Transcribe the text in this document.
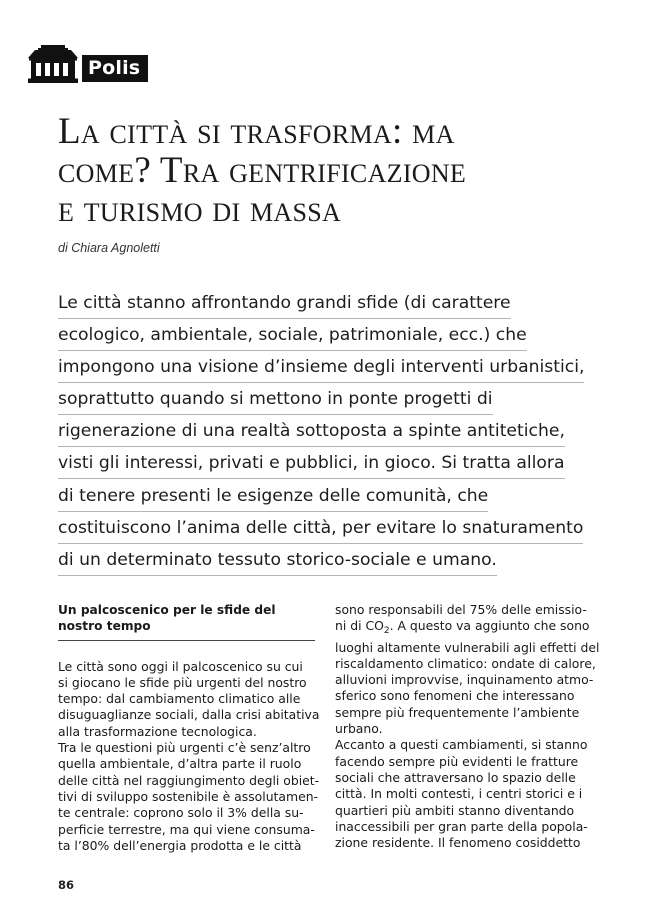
Polis
La città si trasforma: ma
come? Tra gentrificazione
e turismo di massa
di Chiara Agnoletti
Le città stanno affrontando grandi sfide (di carattere
ecologico, ambientale, sociale, patrimoniale, ecc.) che
impongono una visione d’insieme degli interventi urbanistici,
soprattutto quando si mettono in ponte progetti di
rigenerazione di una realtà sottoposta a spinte antitetiche,
visti gli interessi, privati e pubblici, in gioco. Si tratta allora
di tenere presenti le esigenze delle comunità, che
costituiscono l’anima delle città, per evitare lo snaturamento
di un determinato tessuto storico-sociale e umano.
Un palcoscenico per le sfide del nostro tempo
Le città sono oggi il palcoscenico su cui
si giocano le sfide più urgenti del nostro
tempo: dal cambiamento climatico alle
disuguaglianze sociali, dalla crisi abitativa
alla trasformazione tecnologica.
Tra le questioni più urgenti c’è senz’altro
quella ambientale, d’altra parte il ruolo
delle città nel raggiungimento degli obiet-
tivi di sviluppo sostenibile è assolutamen-
te centrale: coprono solo il 3% della su-
perficie terrestre, ma qui viene consuma-
ta l’80% dell’energia prodotta e le città
sono responsabili del 75% delle emissio-
ni di $CO_2$. A questo va aggiunto che sono
luoghi altamente vulnerabili agli effetti del
riscaldamento climatico: ondate di calore,
alluvioni improvvise, inquinamento atmo-
sferico sono fenomeni che interessano
sempre più frequentemente l’ambiente
urbano.
Accanto a questi cambiamenti, si stanno
facendo sempre più evidenti le fratture
sociali che attraversano lo spazio delle
città. In molti contesti, i centri storici e i
quartieri più ambiti stanno diventando
inaccessibili per gran parte della popola-
zione residente. Il fenomeno cosiddetto
86
